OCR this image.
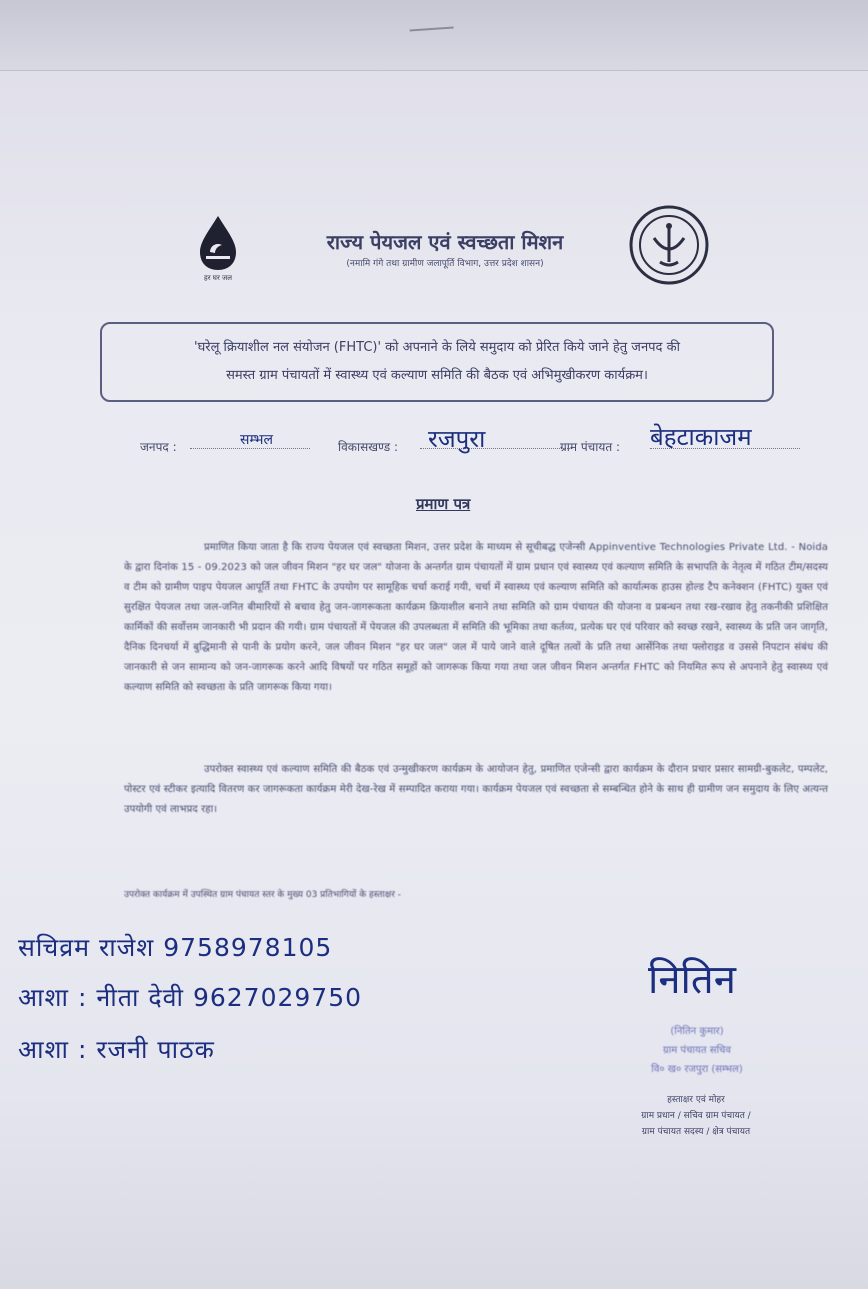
हर घर जल
राज्य पेयजल एवं स्वच्छता मिशन
(नमामि गंगे तथा ग्रामीण जलापूर्ति विभाग, उत्तर प्रदेश शासन)
'घरेलू क्रियाशील नल संयोजन (FHTC)' को अपनाने के लिये समुदाय को प्रेरित किये जाने हेतु जनपद की
समस्त ग्राम पंचायतों में स्वास्थ्य एवं कल्याण समिति की बैठक एवं अभिमुखीकरण कार्यक्रम।
जनपद :	सम्भल	विकासखण्ड : रजपुरा	ग्राम पंचायत : बेहटाकाजम
प्रमाण पत्र
प्रमाणित किया जाता है कि राज्य पेयजल एवं स्वच्छता मिशन, उत्तर प्रदेश के माध्यम से सूचीबद्ध एजेन्सी Appinventive Technologies Private Ltd. - Noida के द्वारा दिनांक 15 - 09.2023 को जल जीवन मिशन "हर घर जल" योजना के अन्तर्गत ग्राम पंचायतों में ग्राम प्रधान एवं स्वास्थ्य एवं कल्याण समिति के सभापति के नेतृत्व में गठित टीम/सदस्य व टीम को ग्रामीण पाइप पेयजल आपूर्ति तथा FHTC के उपयोग पर सामूहिक चर्चा कराई गयी, चर्चा में स्वास्थ्य एवं कल्याण समिति को कार्यात्मक हाउस होल्ड टैप कनेक्शन (FHTC) युक्त एवं सुरक्षित पेयजल तथा जल-जनित बीमारियों से बचाव हेतु जन-जागरूकता कार्यक्रम क्रियाशील बनाने तथा समिति को ग्राम पंचायत की योजना व प्रबन्धन तथा रख-रखाव हेतु तकनीकी प्रशिक्षित कार्मिकों की सर्वोत्तम जानकारी भी प्रदान की गयी। ग्राम पंचायतों में पेयजल की उपलब्धता में समिति की भूमिका तथा कर्तव्य, प्रत्येक घर एवं परिवार को स्वच्छ रखने, स्वास्थ्य के प्रति जन जागृति, दैनिक दिनचर्या में बुद्धिमानी से पानी के प्रयोग करने, जल जीवन मिशन "हर घर जल" जल में पाये जाने वाले दूषित तत्वों के प्रति तथा आर्सेनिक तथा फ्लोराइड व उससे निपटान संबंध की जानकारी से जन सामान्य को जन-जागरूक करने आदि विषयों पर गठित समूहों को जागरूक किया गया तथा जल जीवन मिशन अन्तर्गत FHTC को नियमित रूप से अपनाने हेतु स्वास्थ्य एवं कल्याण समिति को स्वच्छता के प्रति जागरूक किया गया।
उपरोक्त स्वास्थ्य एवं कल्याण समिति की बैठक एवं उन्मुखीकरण कार्यक्रम के आयोजन हेतु, प्रमाणित एजेन्सी द्वारा कार्यक्रम के दौरान प्रचार प्रसार सामग्री-बुकलेट, पम्पलेट, पोस्टर एवं स्टीकर इत्यादि वितरण कर जागरूकता कार्यक्रम मेरी देख-रेख में सम्पादित कराया गया। कार्यक्रम पेयजल एवं स्वच्छता से सम्बन्धित होने के साथ ही ग्रामीण जन समुदाय के लिए अत्यन्त उपयोगी एवं लाभप्रद रहा।
उपरोक्त कार्यक्रम में उपस्थित ग्राम पंचायत स्तर के मुख्य 03 प्रतिभागियों के हस्ताक्षर -
सचिव्रम राजेश 9758978105
आशा : नीता देवी 9627029750
आशा : रजनी पाठक
नितिन
(नितिन कुमार)
ग्राम पंचायत सचिव
वि० ख० रजपुरा (सम्भल)
हस्ताक्षर एवं मोहर
ग्राम प्रधान / सचिव ग्राम पंचायत /
ग्राम पंचायत सदस्य / क्षेत्र पंचायत
